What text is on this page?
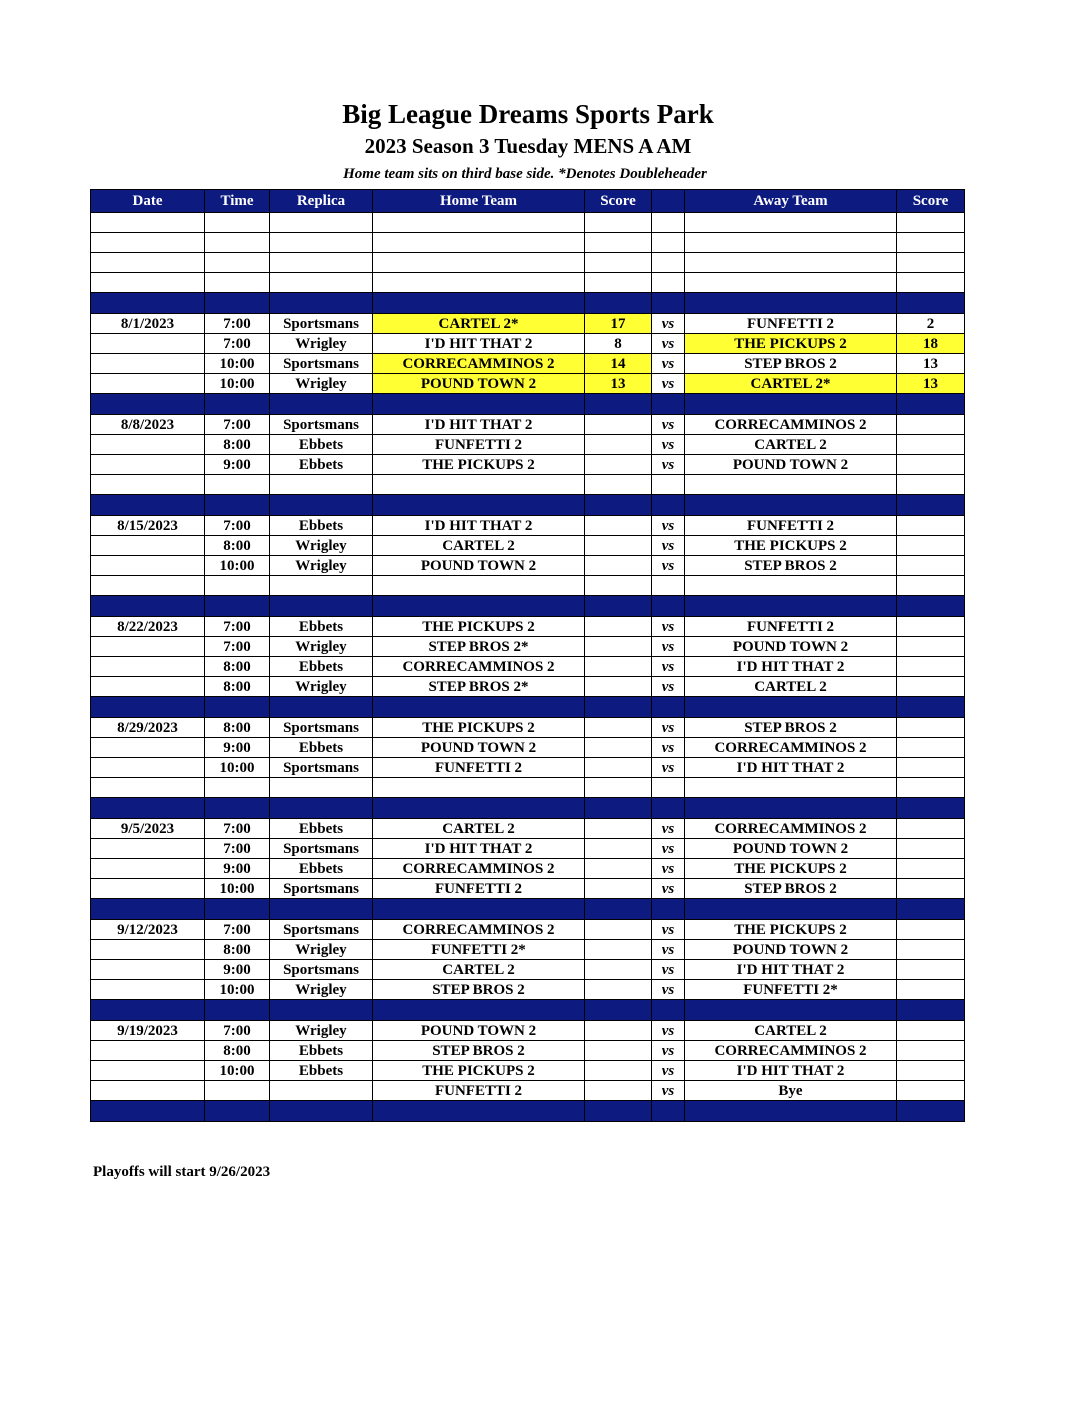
Big League Dreams Sports Park
2023 Season 3 Tuesday MENS A AM
Home team sits on third base side. *Denotes Doubleheader
Date	Time	Replica	Home Team	Score		Away Team	Score

8/1/2023	7:00	Sportsmans	CARTEL 2*	17	vs	FUNFETTI 2	2
	7:00	Wrigley	I'D HIT THAT 2	8	vs	THE PICKUPS 2	18
	10:00	Sportsmans	CORRECAMMINOS 2	14	vs	STEP BROS 2	13
	10:00	Wrigley	POUND TOWN 2	13	vs	CARTEL 2*	13

8/8/2023	7:00	Sportsmans	I'D HIT THAT 2		vs	CORRECAMMINOS 2	
	8:00	Ebbets	FUNFETTI 2		vs	CARTEL 2	
	9:00	Ebbets	THE PICKUPS 2		vs	POUND TOWN 2	

8/15/2023	7:00	Ebbets	I'D HIT THAT 2		vs	FUNFETTI 2	
	8:00	Wrigley	CARTEL 2		vs	THE PICKUPS 2	
	10:00	Wrigley	POUND TOWN 2		vs	STEP BROS 2	

8/22/2023	7:00	Ebbets	THE PICKUPS 2		vs	FUNFETTI 2	
	7:00	Wrigley	STEP BROS 2*		vs	POUND TOWN 2	
	8:00	Ebbets	CORRECAMMINOS 2		vs	I'D HIT THAT 2	
	8:00	Wrigley	STEP BROS 2*		vs	CARTEL 2	

8/29/2023	8:00	Sportsmans	THE PICKUPS 2		vs	STEP BROS 2	
	9:00	Ebbets	POUND TOWN 2		vs	CORRECAMMINOS 2	
	10:00	Sportsmans	FUNFETTI 2		vs	I'D HIT THAT 2	

9/5/2023	7:00	Ebbets	CARTEL 2		vs	CORRECAMMINOS 2	
	7:00	Sportsmans	I'D HIT THAT 2		vs	POUND TOWN 2	
	9:00	Ebbets	CORRECAMMINOS 2		vs	THE PICKUPS 2	
	10:00	Sportsmans	FUNFETTI 2		vs	STEP BROS 2	

9/12/2023	7:00	Sportsmans	CORRECAMMINOS 2		vs	THE PICKUPS 2	
	8:00	Wrigley	FUNFETTI 2*		vs	POUND TOWN 2	
	9:00	Sportsmans	CARTEL 2		vs	I'D HIT THAT 2	
	10:00	Wrigley	STEP BROS 2		vs	FUNFETTI 2*	

9/19/2023	7:00	Wrigley	POUND TOWN 2		vs	CARTEL 2	
	8:00	Ebbets	STEP BROS 2		vs	CORRECAMMINOS 2	
	10:00	Ebbets	THE PICKUPS 2		vs	I'D HIT THAT 2	
			FUNFETTI 2		vs	Bye	

Playoffs will start 9/26/2023
